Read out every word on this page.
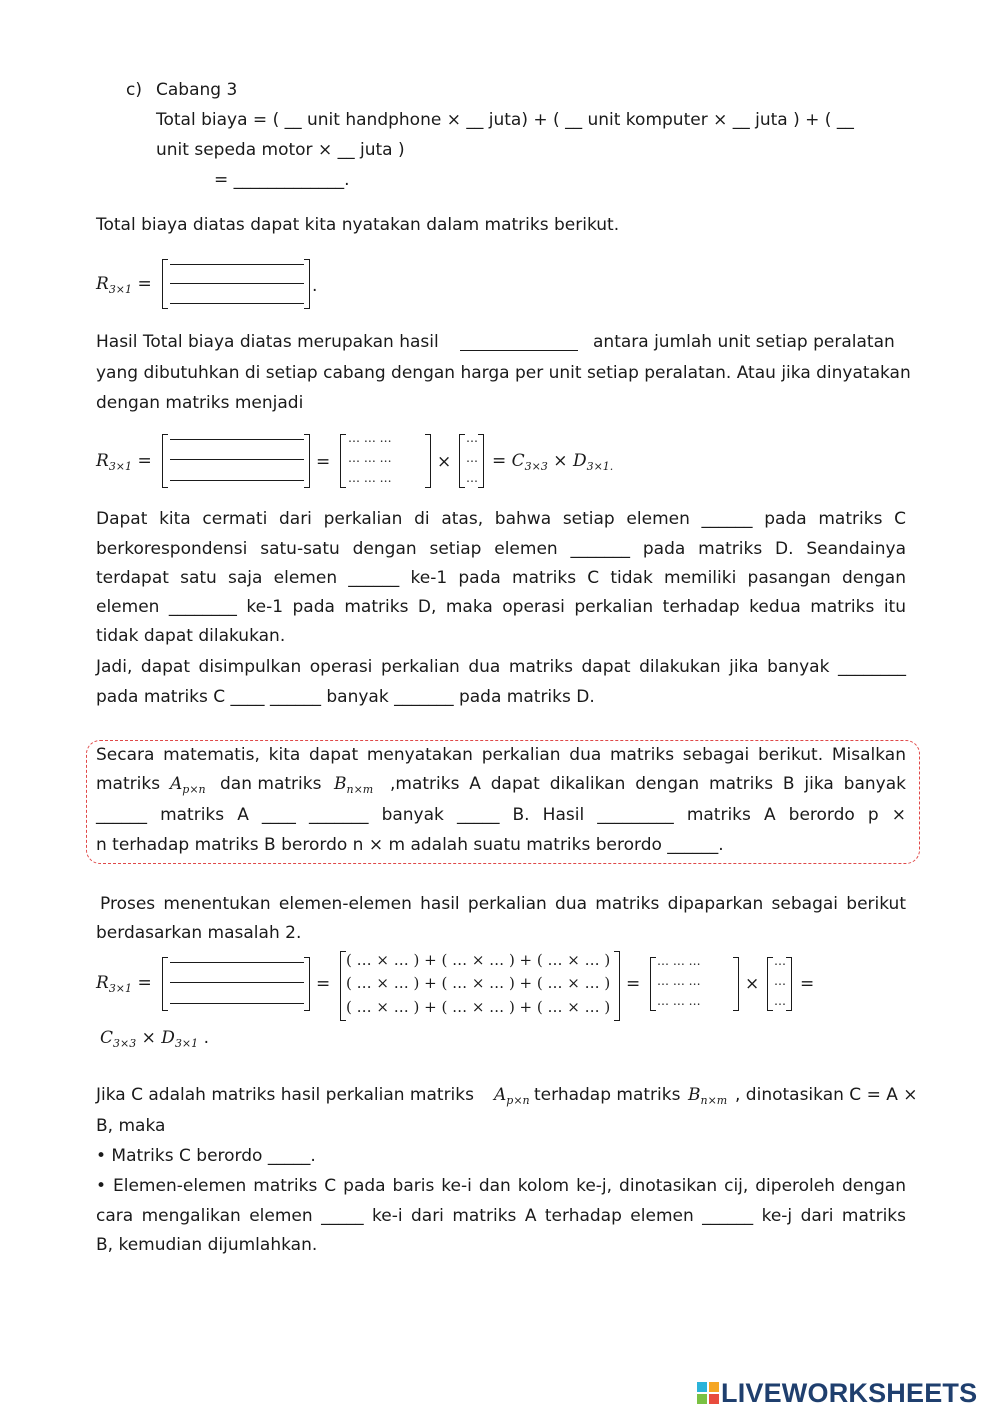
c) Cabang 3
Total biaya = ( __ unit handphone × __ juta) + ( __ unit komputer × __ juta ) + ( __
unit sepeda motor × __ juta )
= _____________.
Total biaya diatas dapat kita nyatakan dalam matriks berikut.
$R_{3\times 1}$ =	.
Hasil Total biaya diatas merupakan hasil	antara jumlah unit setiap peralatan
yang dibutuhkan di setiap cabang dengan harga per unit setiap peralatan. Atau jika dinyatakan
dengan matriks menjadi
$R_{3\times 1}$ =	=
… … …
… … …
… … …
×
…
…
…
= $C_{3\times 3} \times D_{3\times 1.}$
Dapat kita cermati dari perkalian di atas, bahwa setiap elemen ______ pada matriks C
berkorespondensi satu-satu dengan setiap elemen _______ pada matriks D. Seandainya
terdapat satu saja elemen ______ ke-1 pada matriks C tidak memiliki pasangan dengan
elemen ________ ke-1 pada matriks D, maka operasi perkalian terhadap kedua matriks itu
tidak dapat dilakukan.
Jadi, dapat disimpulkan operasi perkalian dua matriks dapat dilakukan jika banyak ________
pada matriks C ____ ______ banyak _______ pada matriks D.
Secara matematis, kita dapat menyatakan perkalian dua matriks sebagai berikut. Misalkan
matriks $A_{p\times n}$ dan matriks $B_{n\times m}$ ,matriks A dapat dikalikan dengan matriks B jika banyak
______ matriks A ____ _______ banyak _____ B. Hasil _________ matriks A berordo p ×
n terhadap matriks B berordo n × m adalah suatu matriks berordo ______.
Proses menentukan elemen-elemen hasil perkalian dua matriks dipaparkan sebagai berikut
berdasarkan masalah 2.
$R_{3\times 1}$ =	=
( … × … ) + ( … × … ) + ( … × … )
( … × … ) + ( … × … ) + ( … × … )
( … × … ) + ( … × … ) + ( … × … )
=
… … …
… … …
… … …
×
…
…
…
=
$C_{3\times 3} \times D_{3\times 1}$ .
Jika C adalah matriks hasil perkalian matriks $A_{p\times n}$ terhadap matriks $B_{n\times m}$ , dinotasikan C = A ×
B, maka
• Matriks C berordo _____.
• Elemen-elemen matriks C pada baris ke-i dan kolom ke-j, dinotasikan cij, diperoleh dengan
cara mengalikan elemen _____ ke-i dari matriks A terhadap elemen ______ ke-j dari matriks
B, kemudian dijumlahkan.
LIVEWORKSHEETS
